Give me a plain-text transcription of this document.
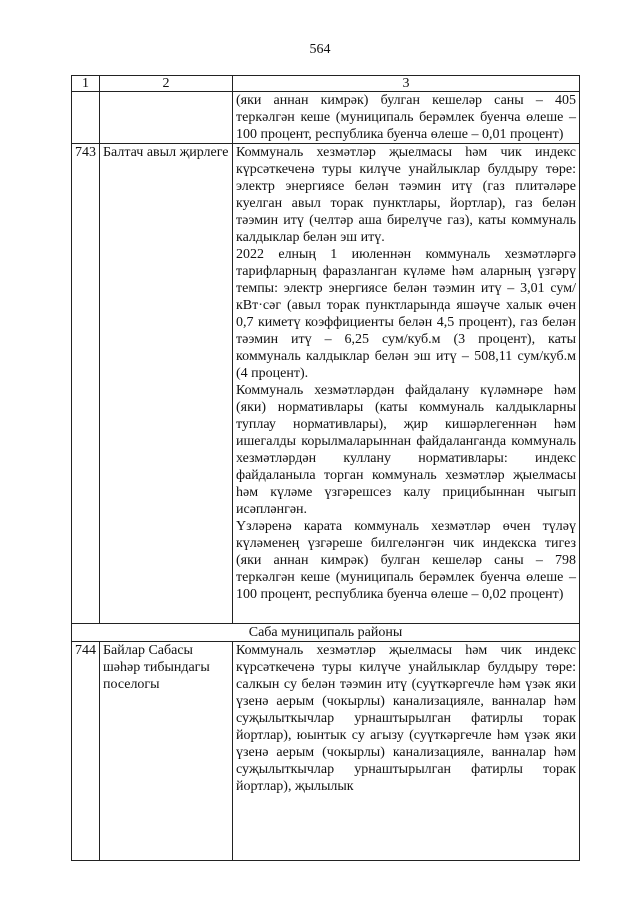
564
1	2	3
		(яки аннан кимрәк) булган кешеләр саны – 405 теркәлгән кеше (муниципаль берәмлек буенча өлеше – 100 процент, республика буенча өлеше – 0,01 процент)
743	Балтач авыл җирлеге	Коммуналь хезмәтләр җыелмасы һәм чик индекс күрсәткеченә туры килүче унайлыклар булдыру төре: электр энергиясе белән тәэмин итү (газ плитәләре куелган авыл торак пунктлары, йортлар), газ белән тәэмин итү (челтәр аша бирелүче газ), каты коммуналь калдыклар белән эш итү.
2022 елның 1 июленнән коммуналь хезмәтләргә тарифларның фаразланган күләме һәм аларның үзгәрү темпы: электр энергиясе белән тәэмин итү – 3,01 сум/кВт·сәг (авыл торак пунктларында яшәүче халык өчен 0,7 киметү коэффициенты белән 4,5 процент), газ белән тәэмин итү – 6,25 сум/куб.м (3 процент), каты коммуналь калдыклар белән эш итү – 508,11 сум/куб.м (4 процент).
Коммуналь хезмәтләрдән файдалану күләмнәре һәм (яки) нормативлары (каты коммуналь калдыкларны туплау нормативлары), җир кишәрлегеннән һәм ишегалды корылмаларыннан файдаланганда коммуналь хезмәтләрдән куллану нормативлары: индекс файдаланыла торган коммуналь хезмәтләр җыелмасы һәм күләме үзгәрешсез калу прицибыннан чыгып исәпләнгән.
Үзләренә карата коммуналь хезмәтләр өчен түләү күләменең үзгәреше билгеләнгән чик индекска тигез (яки аннан кимрәк) булган кешеләр саны – 798 теркәлгән кеше (муниципаль берәмлек буенча өлеше – 100 процент, республика буенча өлеше – 0,02 процент)

Саба муниципаль районы		
744	Байлар Сабасы шәһәр тибындагы поселогы	Коммуналь хезмәтләр җыелмасы һәм чик индекс күрсәткеченә туры килүче унайлыклар булдыру төре: салкын су белән тәэмин итү (суүткәргечле һәм үзәк яки үзенә аерым (чокырлы) канализацияле, ванналар һәм суҗылыткычлар урнаштырылган фатирлы торак йортлар), юынтык су агызу (суүткәргечле һәм үзәк яки үзенә аерым (чокырлы) канализацияле, ванналар һәм суҗылыткычлар урнаштырылган фатирлы торак йортлар), җылылык
